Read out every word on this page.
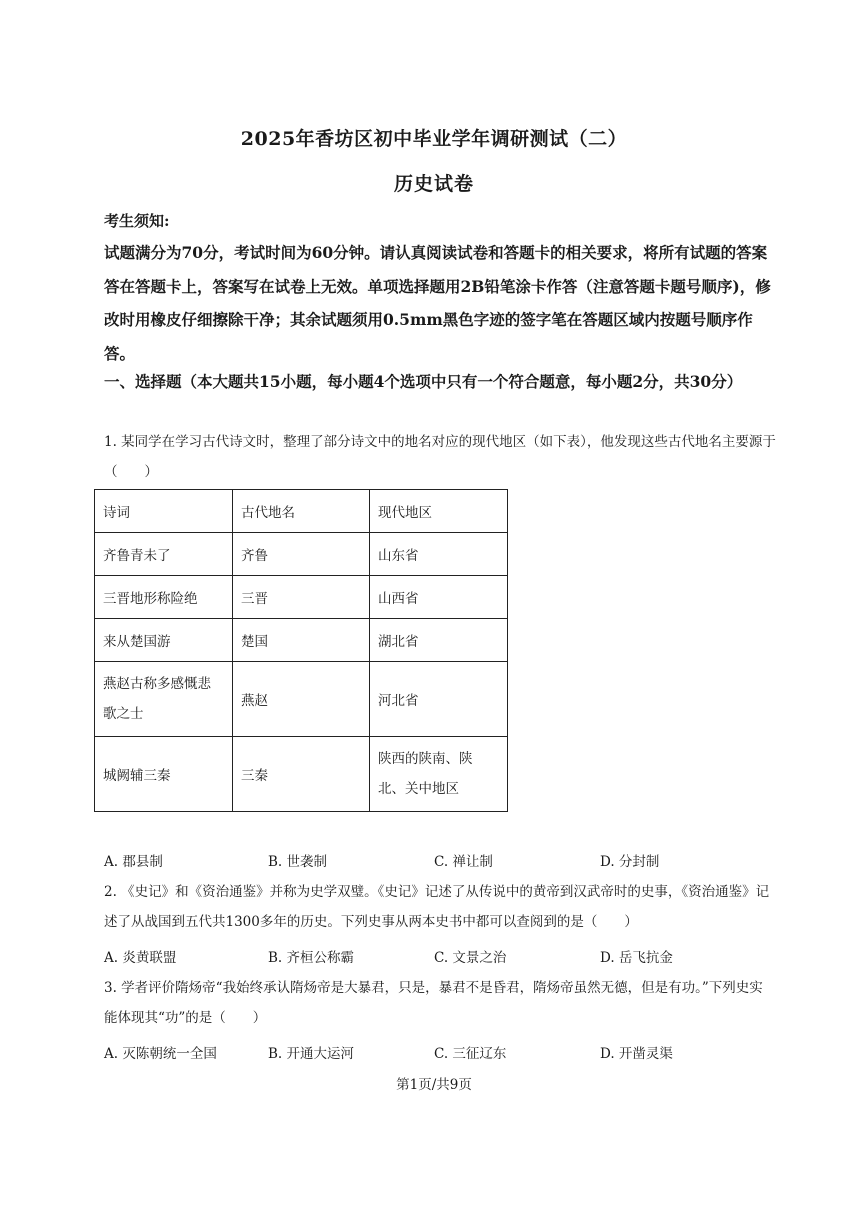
2025年香坊区初中毕业学年调研测试（二）
历史试卷
考生须知:
试题满分为70分，考试时间为60分钟。请认真阅读试卷和答题卡的相关要求，将所有试题的答案答在答题卡上，答案写在试卷上无效。单项选择题用2B铅笔涂卡作答（注意答题卡题号顺序)，修改时用橡皮仔细擦除干净；其余试题须用0.5mm黑色字迹的签字笔在答题区域内按题号顺序作答。
一、选择题（本大题共15小题，每小题4个选项中只有一个符合题意，每小题2分，共30分）
1. 某同学在学习古代诗文时，整理了部分诗文中的地名对应的现代地区（如下表），他发现这些古代地名主要源于（　　）
诗词	古代地名	现代地区
齐鲁青未了	齐鲁	山东省
三晋地形称险绝	三晋	山西省
来从楚国游	楚国	湖北省
燕赵古称多感慨悲歌之士	燕赵	河北省
城阙辅三秦	三秦	陕西的陕南、陕北、关中地区
A. 郡县制	B. 世袭制	C. 禅让制	D. 分封制
2. 《史记》和《资治通鉴》并称为史学双璧。《史记》记述了从传说中的黄帝到汉武帝时的史事，《资治通鉴》记述了从战国到五代共1300多年的历史。下列史事从两本史书中都可以查阅到的是（　　）
A. 炎黄联盟	B. 齐桓公称霸	C. 文景之治	D. 岳飞抗金
3. 学者评价隋炀帝“我始终承认隋炀帝是大暴君，只是，暴君不是昏君，隋炀帝虽然无德，但是有功。”下列史实能体现其“功”的是（　　）
A. 灭陈朝统一全国	B. 开通大运河	C. 三征辽东	D. 开凿灵渠
第1页/共9页
